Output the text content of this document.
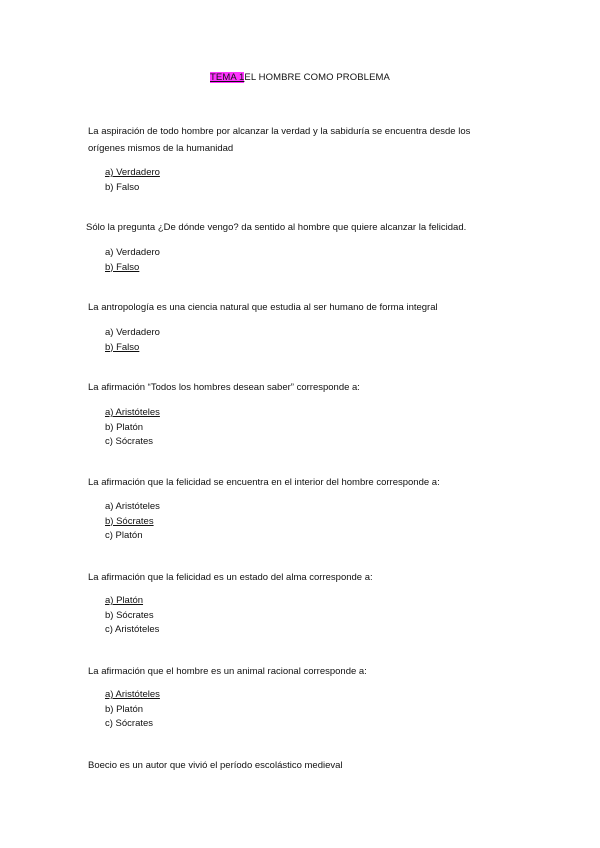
TEMA 1EL HOMBRE COMO PROBLEMA
La aspiración de todo hombre por alcanzar la verdad y la sabiduría se encuentra desde los orígenes mismos de la humanidad
a) Verdadero
b) Falso
Sólo la pregunta ¿De dónde vengo? da sentido al hombre que quiere alcanzar la felicidad.
a) Verdadero
b) Falso
La antropología es una ciencia natural que estudia al ser humano de forma integral
a) Verdadero
b) Falso
La afirmación “Todos los hombres desean saber” corresponde a:
a) Aristóteles
b) Platón
c) Sócrates
La afirmación que la felicidad se encuentra en el interior del hombre corresponde a:
a) Aristóteles
b) Sócrates
c) Platón
La afirmación que la felicidad es un estado del alma corresponde a:
a) Platón
b) Sócrates
c) Aristóteles
La afirmación que el hombre es un animal racional corresponde a:
a) Aristóteles
b) Platón
c) Sócrates
Boecio es un autor que vivió el período escolástico medieval
